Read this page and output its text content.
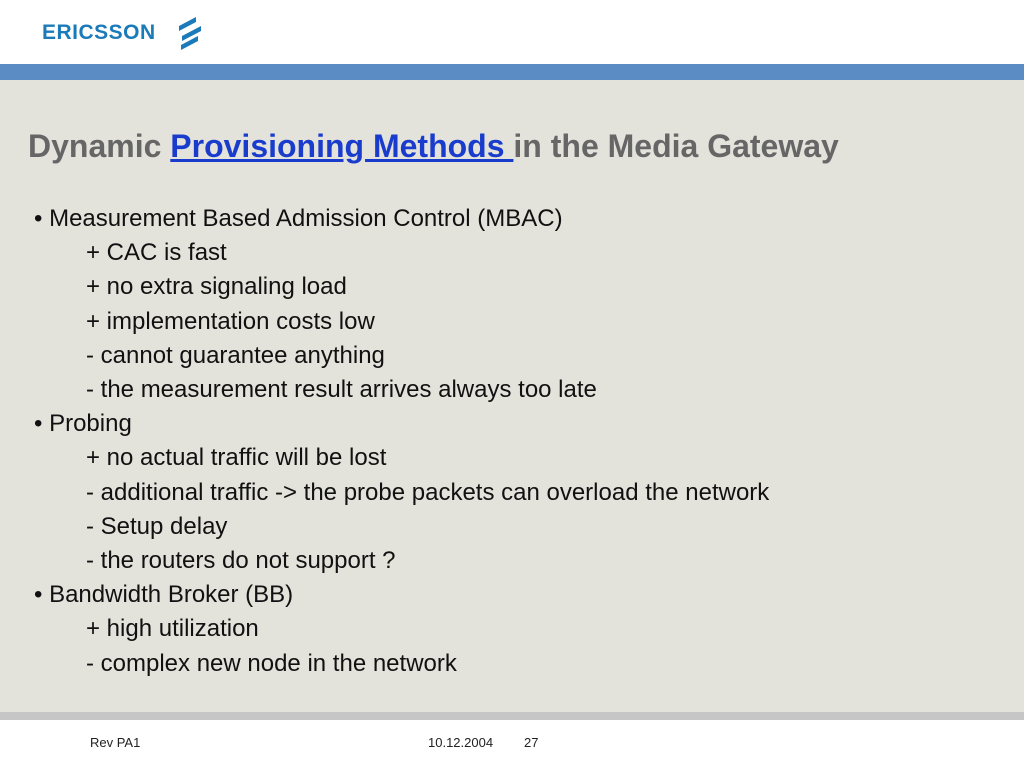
ERICSSON
Dynamic Provisioning Methods in the Media Gateway
• Measurement Based Admission Control (MBAC)
+ CAC is fast
+ no extra signaling load
+ implementation costs low
- cannot guarantee anything
- the measurement result arrives always too late
• Probing
+ no actual traffic will be lost
- additional traffic -> the probe packets can overload the network
- Setup delay
- the routers do not support ?
• Bandwidth Broker (BB)
+ high utilization
- complex new node in the network
Rev PA1	10.12.2004 27
